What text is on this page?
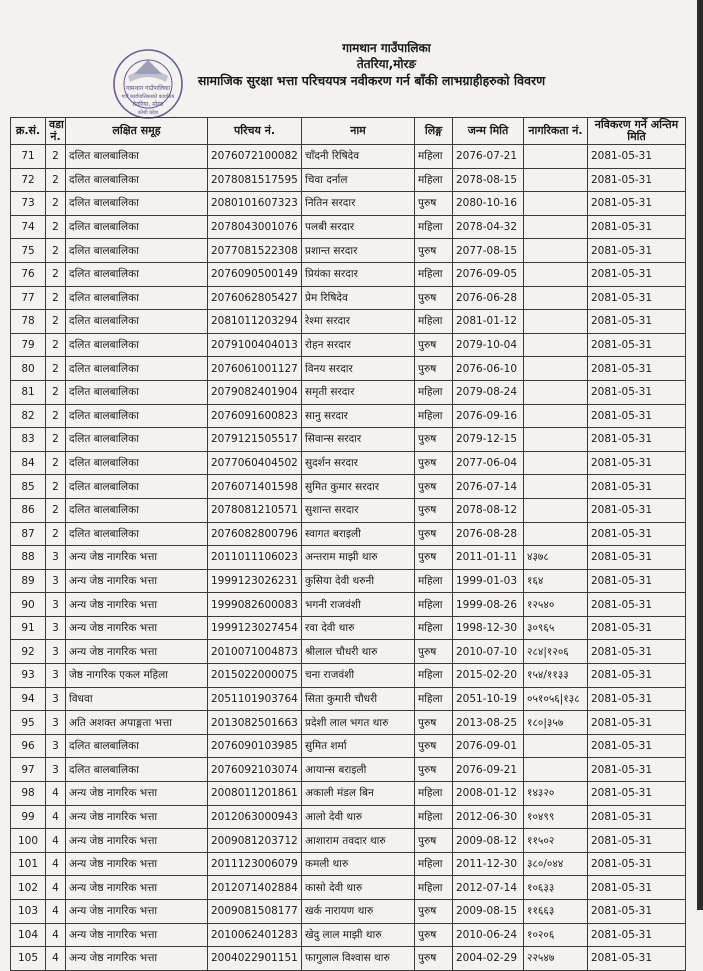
गामथान गाउँपालिका
गाउँ कार्यपालिकाको कार्यालय
तेतरिया, मोरङ
कोशी प्रदेश
गामथान गाउँपालिका
तेतरिया,मोरङ
सामाजिक सुरक्षा भत्ता परिचयपत्र नवीकरण गर्न बाँकी लाभग्राहीहरुको विवरण
क्र.सं.	वडा नं.	लक्षित समूह	परिचय नं.	नाम	लिङ्ग	जन्म मिति	नागरिकता नं.	नविकरण गर्ने अन्तिम मिति
71	2	दलित बालबालिका	2076072100082	चाँदनी रिषिदेव	महिला	2076-07-21		2081-05-31
72	2	दलित बालबालिका	2078081517595	चिवा दर्नाल	महिला	2078-08-15		2081-05-31
73	2	दलित बालबालिका	2080101607323	नितिन सरदार	पुरुष	2080-10-16		2081-05-31
74	2	दलित बालबालिका	2078043001076	पलबी सरदार	महिला	2078-04-32		2081-05-31
75	2	दलित बालबालिका	2077081522308	प्रशान्त सरदार	पुरुष	2077-08-15		2081-05-31
76	2	दलित बालबालिका	2076090500149	प्रियंका सरदार	महिला	2076-09-05		2081-05-31
77	2	दलित बालबालिका	2076062805427	प्रेम रिषिदेव	पुरुष	2076-06-28		2081-05-31
78	2	दलित बालबालिका	2081011203294	रेश्मा सरदार	महिला	2081-01-12		2081-05-31
79	2	दलित बालबालिका	2079100404013	रोहन सरदार	पुरुष	2079-10-04		2081-05-31
80	2	दलित बालबालिका	2076061001127	विनय सरदार	पुरुष	2076-06-10		2081-05-31
81	2	दलित बालबालिका	2079082401904	समृती सरदार	महिला	2079-08-24		2081-05-31
82	2	दलित बालबालिका	2076091600823	सानु सरदार	महिला	2076-09-16		2081-05-31
83	2	दलित बालबालिका	2079121505517	सिवान्स सरदार	पुरुष	2079-12-15		2081-05-31
84	2	दलित बालबालिका	2077060404502	सुदर्शन सरदार	पुरुष	2077-06-04		2081-05-31
85	2	दलित बालबालिका	2076071401598	सुमित कुमार सरदार	पुरुष	2076-07-14		2081-05-31
86	2	दलित बालबालिका	2078081210571	सुशान्त सरदार	पुरुष	2078-08-12		2081-05-31
87	2	दलित बालबालिका	2076082800796	स्वागत बराइली	पुरुष	2076-08-28		2081-05-31
88	3	अन्य जेष्ठ नागरिक भत्ता	2011011106023	अन्तराम माझी थारु	पुरुष	2011-01-11	४३७८	2081-05-31
89	3	अन्य जेष्ठ नागरिक भत्ता	1999123026231	कुसिया देवी थरुनी	महिला	1999-01-03	१६४	2081-05-31
90	3	अन्य जेष्ठ नागरिक भत्ता	1999082600083	भगनी राजवंशी	महिला	1999-08-26	१२५४०	2081-05-31
91	3	अन्य जेष्ठ नागरिक भत्ता	1999123027454	रवा देवी थारु	महिला	1998-12-30	३०९६५	2081-05-31
92	3	अन्य जेष्ठ नागरिक भत्ता	2010071004873	श्रीलाल चौधरी थारु	पुरुष	2010-07-10	२८४|१२०६	2081-05-31
93	3	जेष्ठ नागरिक एकल महिला	2015022000075	चना राजवंशी	महिला	2015-02-20	१५४/११३३	2081-05-31
94	3	विधवा	2051101903764	सिता कुमारी चौधरी	महिला	2051-10-19	०५१०५६|१३८	2081-05-31
95	3	अति अशक्त अपाङ्गता भत्ता	2013082501663	प्रदेशी लाल भगत थारु	पुरुष	2013-08-25	१८०|३५७	2081-05-31
96	3	दलित बालबालिका	2076090103985	सुमित शर्मा	पुरुष	2076-09-01		2081-05-31
97	3	दलित बालबालिका	2076092103074	आयान्स बराइली	पुरुष	2076-09-21		2081-05-31
98	4	अन्य जेष्ठ नागरिक भत्ता	2008011201861	अकाली मंडल बिन	महिला	2008-01-12	१४३२०	2081-05-31
99	4	अन्य जेष्ठ नागरिक भत्ता	2012063000943	आलो देवी थारु	महिला	2012-06-30	१०४९९	2081-05-31
100	4	अन्य जेष्ठ नागरिक भत्ता	2009081203712	आशाराम तवदार थारु	पुरुष	2009-08-12	११५०२	2081-05-31
101	4	अन्य जेष्ठ नागरिक भत्ता	2011123006079	कमली थारु	महिला	2011-12-30	३८०/०४४	2081-05-31
102	4	अन्य जेष्ठ नागरिक भत्ता	2012071402884	कासो देवी थारु	महिला	2012-07-14	१०६३३	2081-05-31
103	4	अन्य जेष्ठ नागरिक भत्ता	2009081508177	खर्क नारायण थारु	पुरुष	2009-08-15	११६६३	2081-05-31
104	4	अन्य जेष्ठ नागरिक भत्ता	2010062401283	खेदु लाल माझी थारु	पुरुष	2010-06-24	१०२०६	2081-05-31
105	4	अन्य जेष्ठ नागरिक भत्ता	2004022901151	फागुलाल विश्वास थारु	पुरुष	2004-02-29	२२५४७	2081-05-31
